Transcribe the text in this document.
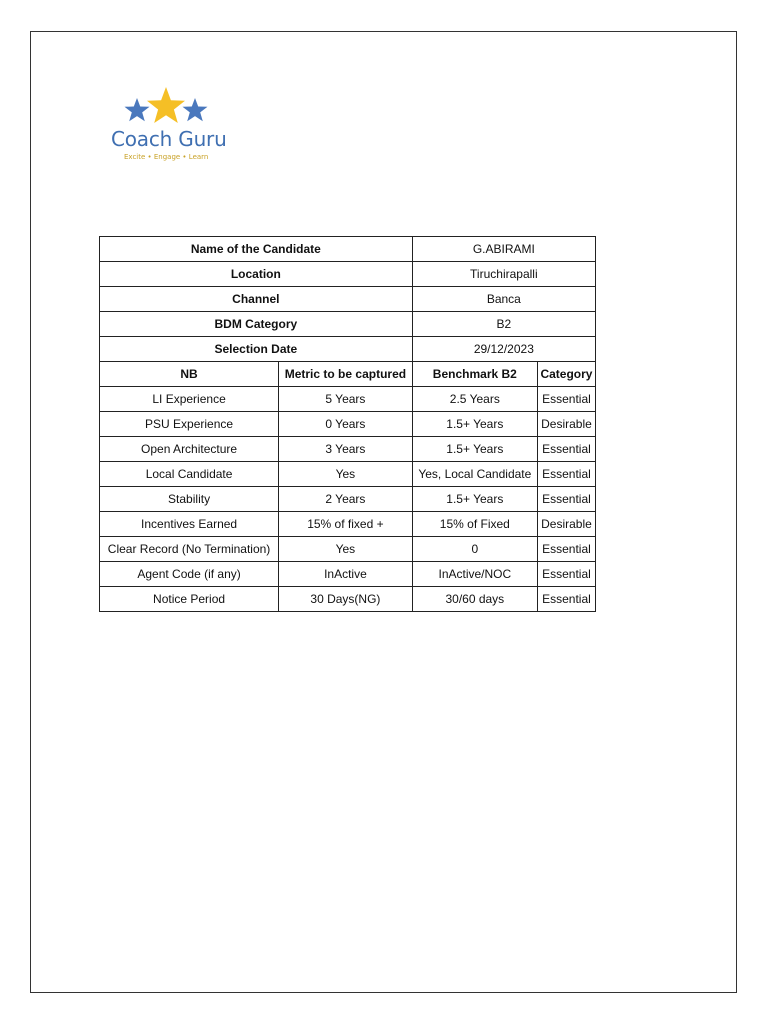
Coach Guru
Excite • Engage • Learn
Name of the Candidate		G.ABIRAMI	
Location		Tiruchirapalli	
Channel		Banca	
BDM Category		B2	
Selection Date		29/12/2023	
NB	Metric to be captured	Benchmark B2	Category
LI Experience	5 Years	2.5 Years	Essential
PSU Experience	0 Years	1.5+ Years	Desirable
Open Architecture	3 Years	1.5+ Years	Essential
Local Candidate	Yes	Yes, Local Candidate	Essential
Stability	2 Years	1.5+ Years	Essential
Incentives Earned	15% of fixed +	15% of Fixed	Desirable
Clear Record (No Termination)	Yes	0	Essential
Agent Code (if any)	InActive	InActive/NOC	Essential
Notice Period	30 Days(NG)	30/60 days	Essential
